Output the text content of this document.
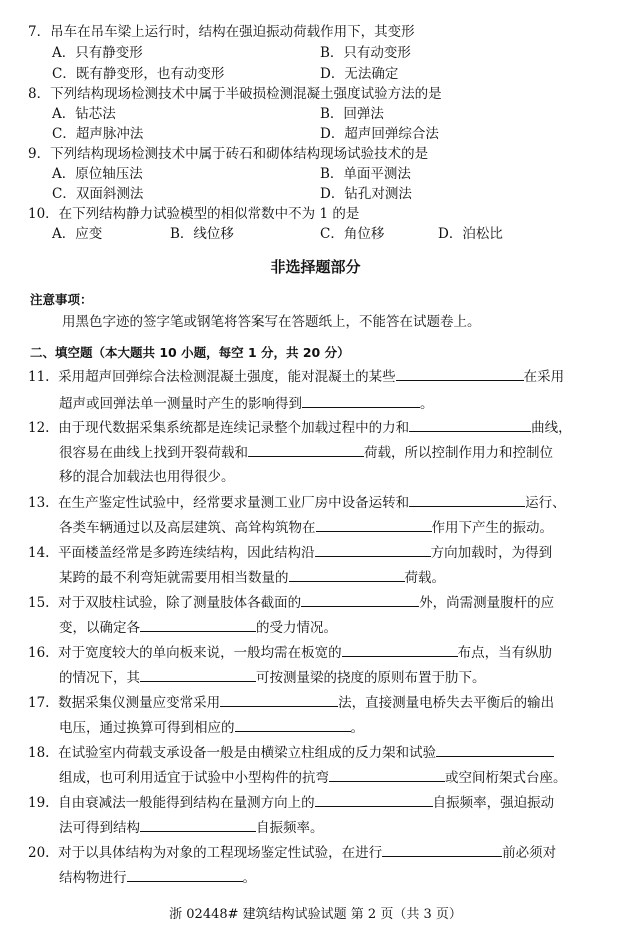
7．吊车在吊车梁上运行时，结构在强迫振动荷载作用下，其变形
A．只有静变形	B．只有动变形
C．既有静变形，也有动变形	D．无法确定
8．下列结构现场检测技术中属于半破损检测混凝土强度试验方法的是
A．钻芯法	B．回弹法
C．超声脉冲法	D．超声回弹综合法
9．下列结构现场检测技术中属于砖石和砌体结构现场试验技术的是
A．原位轴压法	B．单面平测法
C．双面斜测法	D．钻孔对测法
10．在下列结构静力试验模型的相似常数中不为 1 的是
A．应变	B．线位移	C．角位移	D．泊松比
非选择题部分
注意事项：
用黑色字迹的签字笔或钢笔将答案写在答题纸上，不能答在试题卷上。
二、填空题（本大题共 10 小题，每空 1 分，共 20 分）
11. 采用超声回弹综合法检测混凝土强度，能对混凝土的某些	在采用
超声或回弹法单一测量时产生的影响得到	。
12. 由于现代数据采集系统都是连续记录整个加载过程中的力和	曲线，
很容易在曲线上找到开裂荷载和	荷载，所以控制作用力和控制位
移的混合加载法也用得很少。
13. 在生产鉴定性试验中，经常要求量测工业厂房中设备运转和	运行、
各类车辆通过以及高层建筑、高耸构筑物在	作用下产生的振动。
14. 平面楼盖经常是多跨连续结构，因此结构沿	方向加载时，为得到
某跨的最不利弯矩就需要用相当数量的	荷载。
15. 对于双肢柱试验，除了测量肢体各截面的	外，尚需测量腹杆的应
变，以确定各	的受力情况。
16. 对于宽度较大的单向板来说，一般均需在板宽的	布点，当有纵肋
的情况下，其	可按测量梁的挠度的原则布置于肋下。
17. 数据采集仪测量应变常采用	法，直接测量电桥失去平衡后的输出
电压，通过换算可得到相应的	。
18. 在试验室内荷载支承设备一般是由横梁立柱组成的反力架和试验
组成，也可利用适宜于试验中小型构件的抗弯	或空间桁架式台座。
19. 自由衰减法一般能得到结构在量测方向上的	自振频率，强迫振动
法可得到结构	自振频率。
20. 对于以具体结构为对象的工程现场鉴定性试验，在进行	前必须对
结构物进行	。
浙 02448# 建筑结构试验试题 第 2 页（共 3 页）
